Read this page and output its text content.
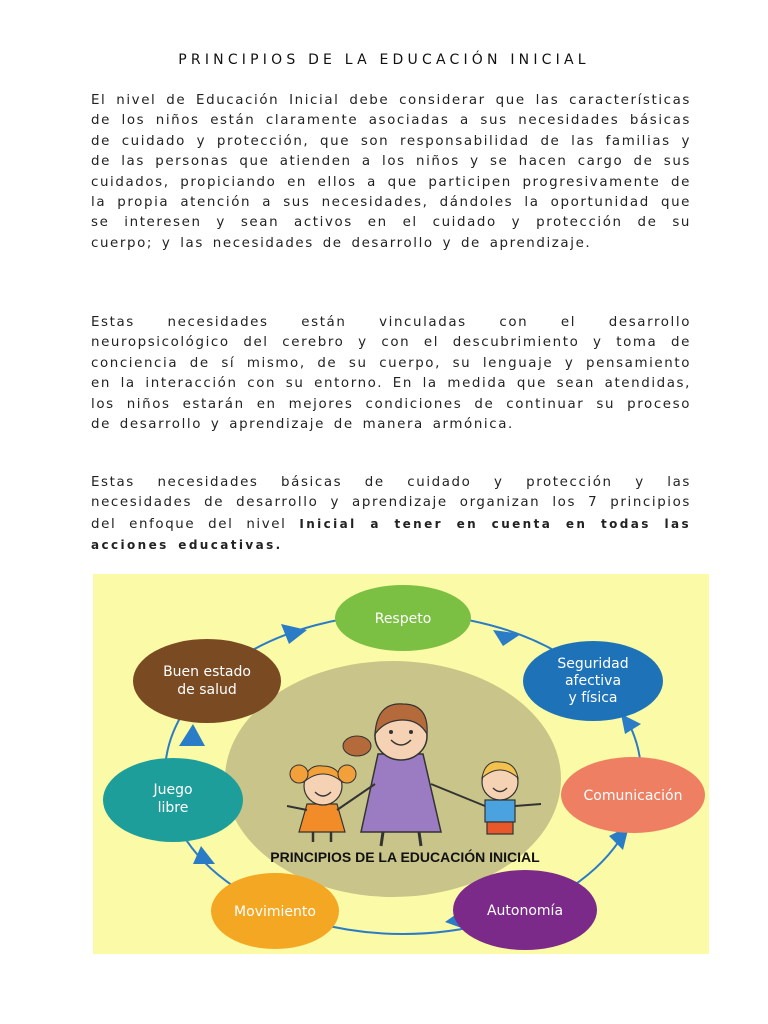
PRINCIPIOS DE LA EDUCACIÓN INICIAL
El nivel de Educación Inicial debe considerar que las características de los niños están claramente asociadas a sus necesidades básicas de cuidado y protección, que son responsabilidad de las familias y de las personas que atienden a los niños y se hacen cargo de sus cuidados, propiciando en ellos a que participen progresivamente de la propia atención a sus necesidades, dándoles la oportunidad que se interesen y sean activos en el cuidado y protección de su cuerpo; y las necesidades de desarrollo y de aprendizaje.
Estas necesidades están vinculadas con el desarrollo neuropsicológico del cerebro y con el descubrimiento y toma de conciencia de sí mismo, de su cuerpo, su lenguaje y pensamiento en la interacción con su entorno. En la medida que sean atendidas, los niños estarán en mejores condiciones de continuar su proceso de desarrollo y aprendizaje de manera armónica.
Estas necesidades básicas de cuidado y protección y las necesidades de desarrollo y aprendizaje organizan los 7 principios del enfoque del nivel Inicial a tener en cuenta en todas las acciones educativas.
PRINCIPIOS DE LA EDUCACIÓN INICIAL
Respeto
Seguridad
afectiva
y física
Comunicación
Autonomía
Movimiento
Juego
libre
Buen estado
de salud
